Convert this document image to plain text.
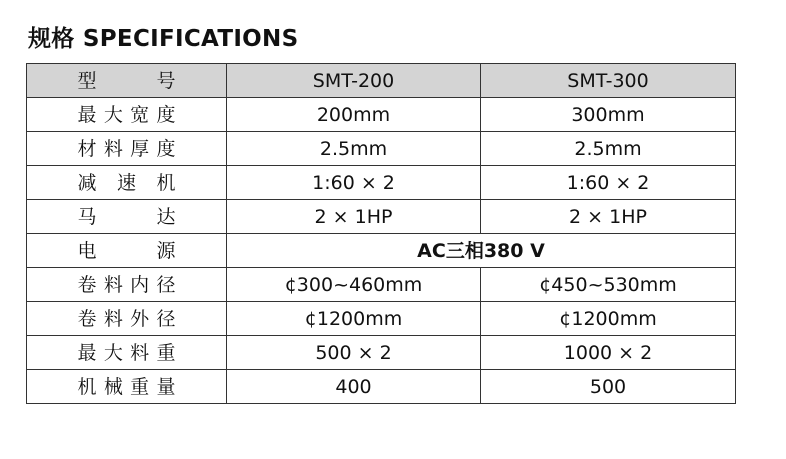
规格 SPECIFICATIONS
型　　号	SMT-200	SMT-300

最大宽度	200mm	300mm

材料厚度	2.5mm	2.5mm

减 速 机	1:60 × 2	1:60 × 2

马　　达	2 × 1HP	2 × 1HP

电　　源	AC三相380 V	

卷料内径	¢300~460mm	¢450~530mm

卷料外径	¢1200mm	¢1200mm

最大料重	500 × 2	1000 × 2

机械重量	400	500
